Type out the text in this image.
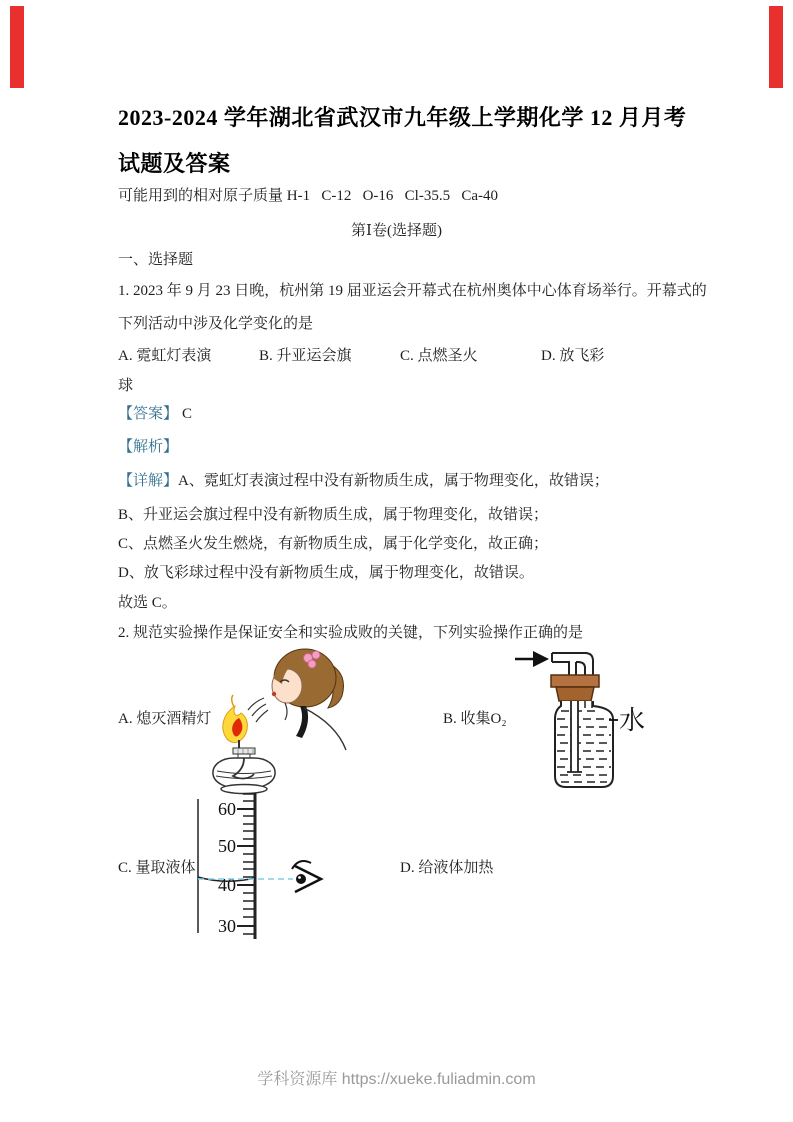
2023-2024 学年湖北省武汉市九年级上学期化学 12 月月考
试题及答案
可能用到的相对原子质量 H-1   C-12   O-16   Cl-35.5   Ca-40
第Ⅰ卷(选择题)
一、选择题
1. 2023 年 9 月 23 日晚，杭州第 19 届亚运会开幕式在杭州奥体中心体育场举行。开幕式的
下列活动中涉及化学变化的是
A. 霓虹灯表演	B. 升亚运会旗	C. 点燃圣火	D. 放飞彩
球
【答案】 C
【解析】
【详解】A、霓虹灯表演过程中没有新物质生成，属于物理变化，故错误；
B、升亚运会旗过程中没有新物质生成，属于物理变化，故错误；
C、点燃圣火发生燃烧，有新物质生成，属于化学变化，故正确；
D、放飞彩球过程中没有新物质生成，属于物理变化，故错误。
故选 C。
2. 规范实验操作是保证安全和实验成败的关键，下列实验操作正确的是
A. 熄灭酒精灯	B. 收集O₂	水
60
50
40
30
C. 量取液体	D. 给液体加热
学科资源库 https://xueke.fuliadmin.com
